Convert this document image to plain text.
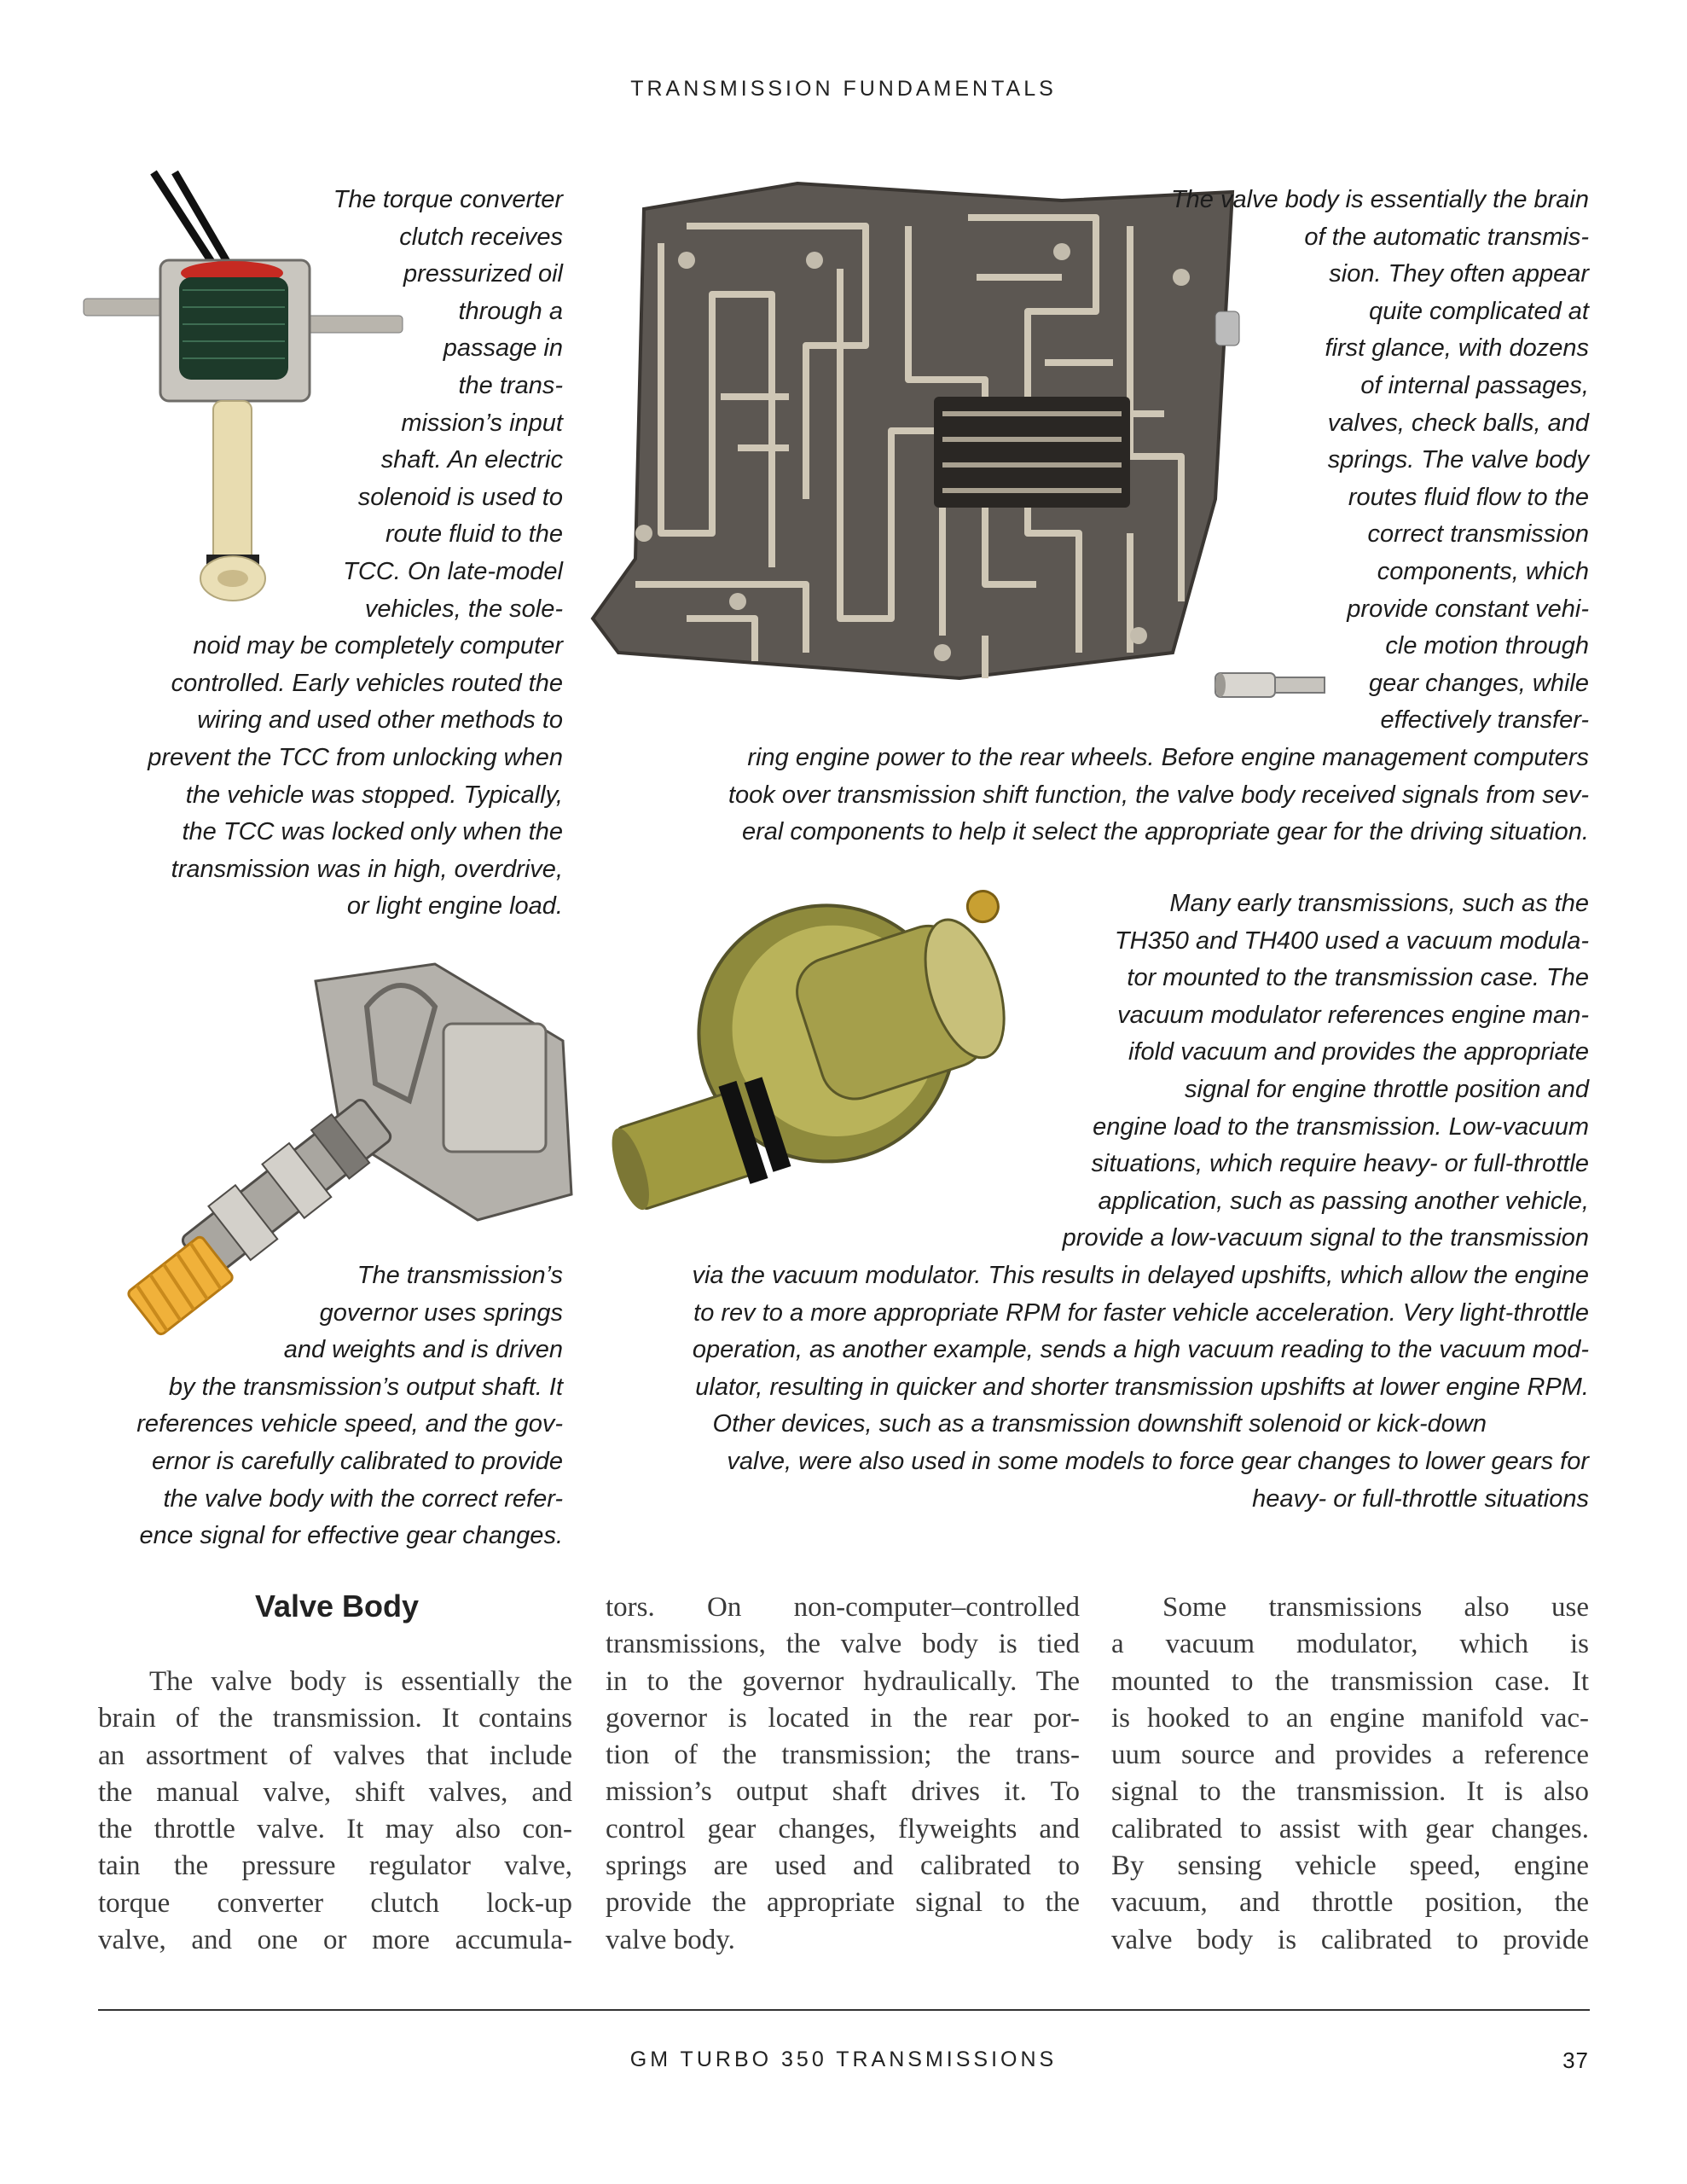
TRANSMISSION FUNDAMENTALS
The torque converter
clutch receives
pressurized oil
through a
passage in
the trans-
mission’s input
shaft. An electric
solenoid is used to
route fluid to the
TCC. On late-model
vehicles, the sole-
noid may be completely computer
controlled. Early vehicles routed the
wiring and used other methods to
prevent the TCC from unlocking when
the vehicle was stopped. Typically,
the TCC was locked only when the
transmission was in high, overdrive,
or light engine load.
The valve body is essentially the brain
of the automatic transmis-
sion. They often appear
quite complicated at
first glance, with dozens
of internal passages,
valves, check balls, and
springs. The valve body
routes fluid flow to the
correct transmission
components, which
provide constant vehi-
cle motion through
gear changes, while
effectively transfer-
ring engine power to the rear wheels. Before engine management computers
took over transmission shift function, the valve body received signals from sev-
eral components to help it select the appropriate gear for the driving situation.
Many early transmissions, such as the
TH350 and TH400 used a vacuum modula-
tor mounted to the transmission case. The
vacuum modulator references engine man-
ifold vacuum and provides the appropriate
signal for engine throttle position and
engine load to the transmission. Low-vacuum
situations, which require heavy- or full-throttle
application, such as passing another vehicle,
provide a low-vacuum signal to the transmission
via the vacuum modulator. This results in delayed upshifts, which allow the engine
to rev to a more appropriate RPM for faster vehicle acceleration. Very light-throttle
operation, as another example, sends a high vacuum reading to the vacuum mod-
ulator, resulting in quicker and shorter transmission upshifts at lower engine RPM.
Other devices, such as a transmission downshift solenoid or kick-down
valve, were also used in some models to force gear changes to lower gears for
heavy- or full-throttle situations
The transmission’s
governor uses springs
and weights and is driven
by the transmission’s output shaft. It
references vehicle speed, and the gov-
ernor is carefully calibrated to provide
the valve body with the correct refer-
ence signal for effective gear changes.
Valve Body
The valve body is essentially the
brain of the transmission. It contains
an assortment of valves that include
the manual valve, shift valves, and
the throttle valve. It may also con-
tain the pressure regulator valve,
torque converter clutch lock-up
valve, and one or more accumula-
tors. On non-computer–controlled
transmissions, the valve body is tied
in to the governor hydraulically. The
governor is located in the rear por-
tion of the transmission; the trans-
mission’s output shaft drives it. To
control gear changes, flyweights and
springs are used and calibrated to
provide the appropriate signal to the
valve body.
Some transmissions also use
a vacuum modulator, which is
mounted to the transmission case. It
is hooked to an engine manifold vac-
uum source and provides a reference
signal to the transmission. It is also
calibrated to assist with gear changes.
By sensing vehicle speed, engine
vacuum, and throttle position, the
valve body is calibrated to provide
GM TURBO 350 TRANSMISSIONS	37
